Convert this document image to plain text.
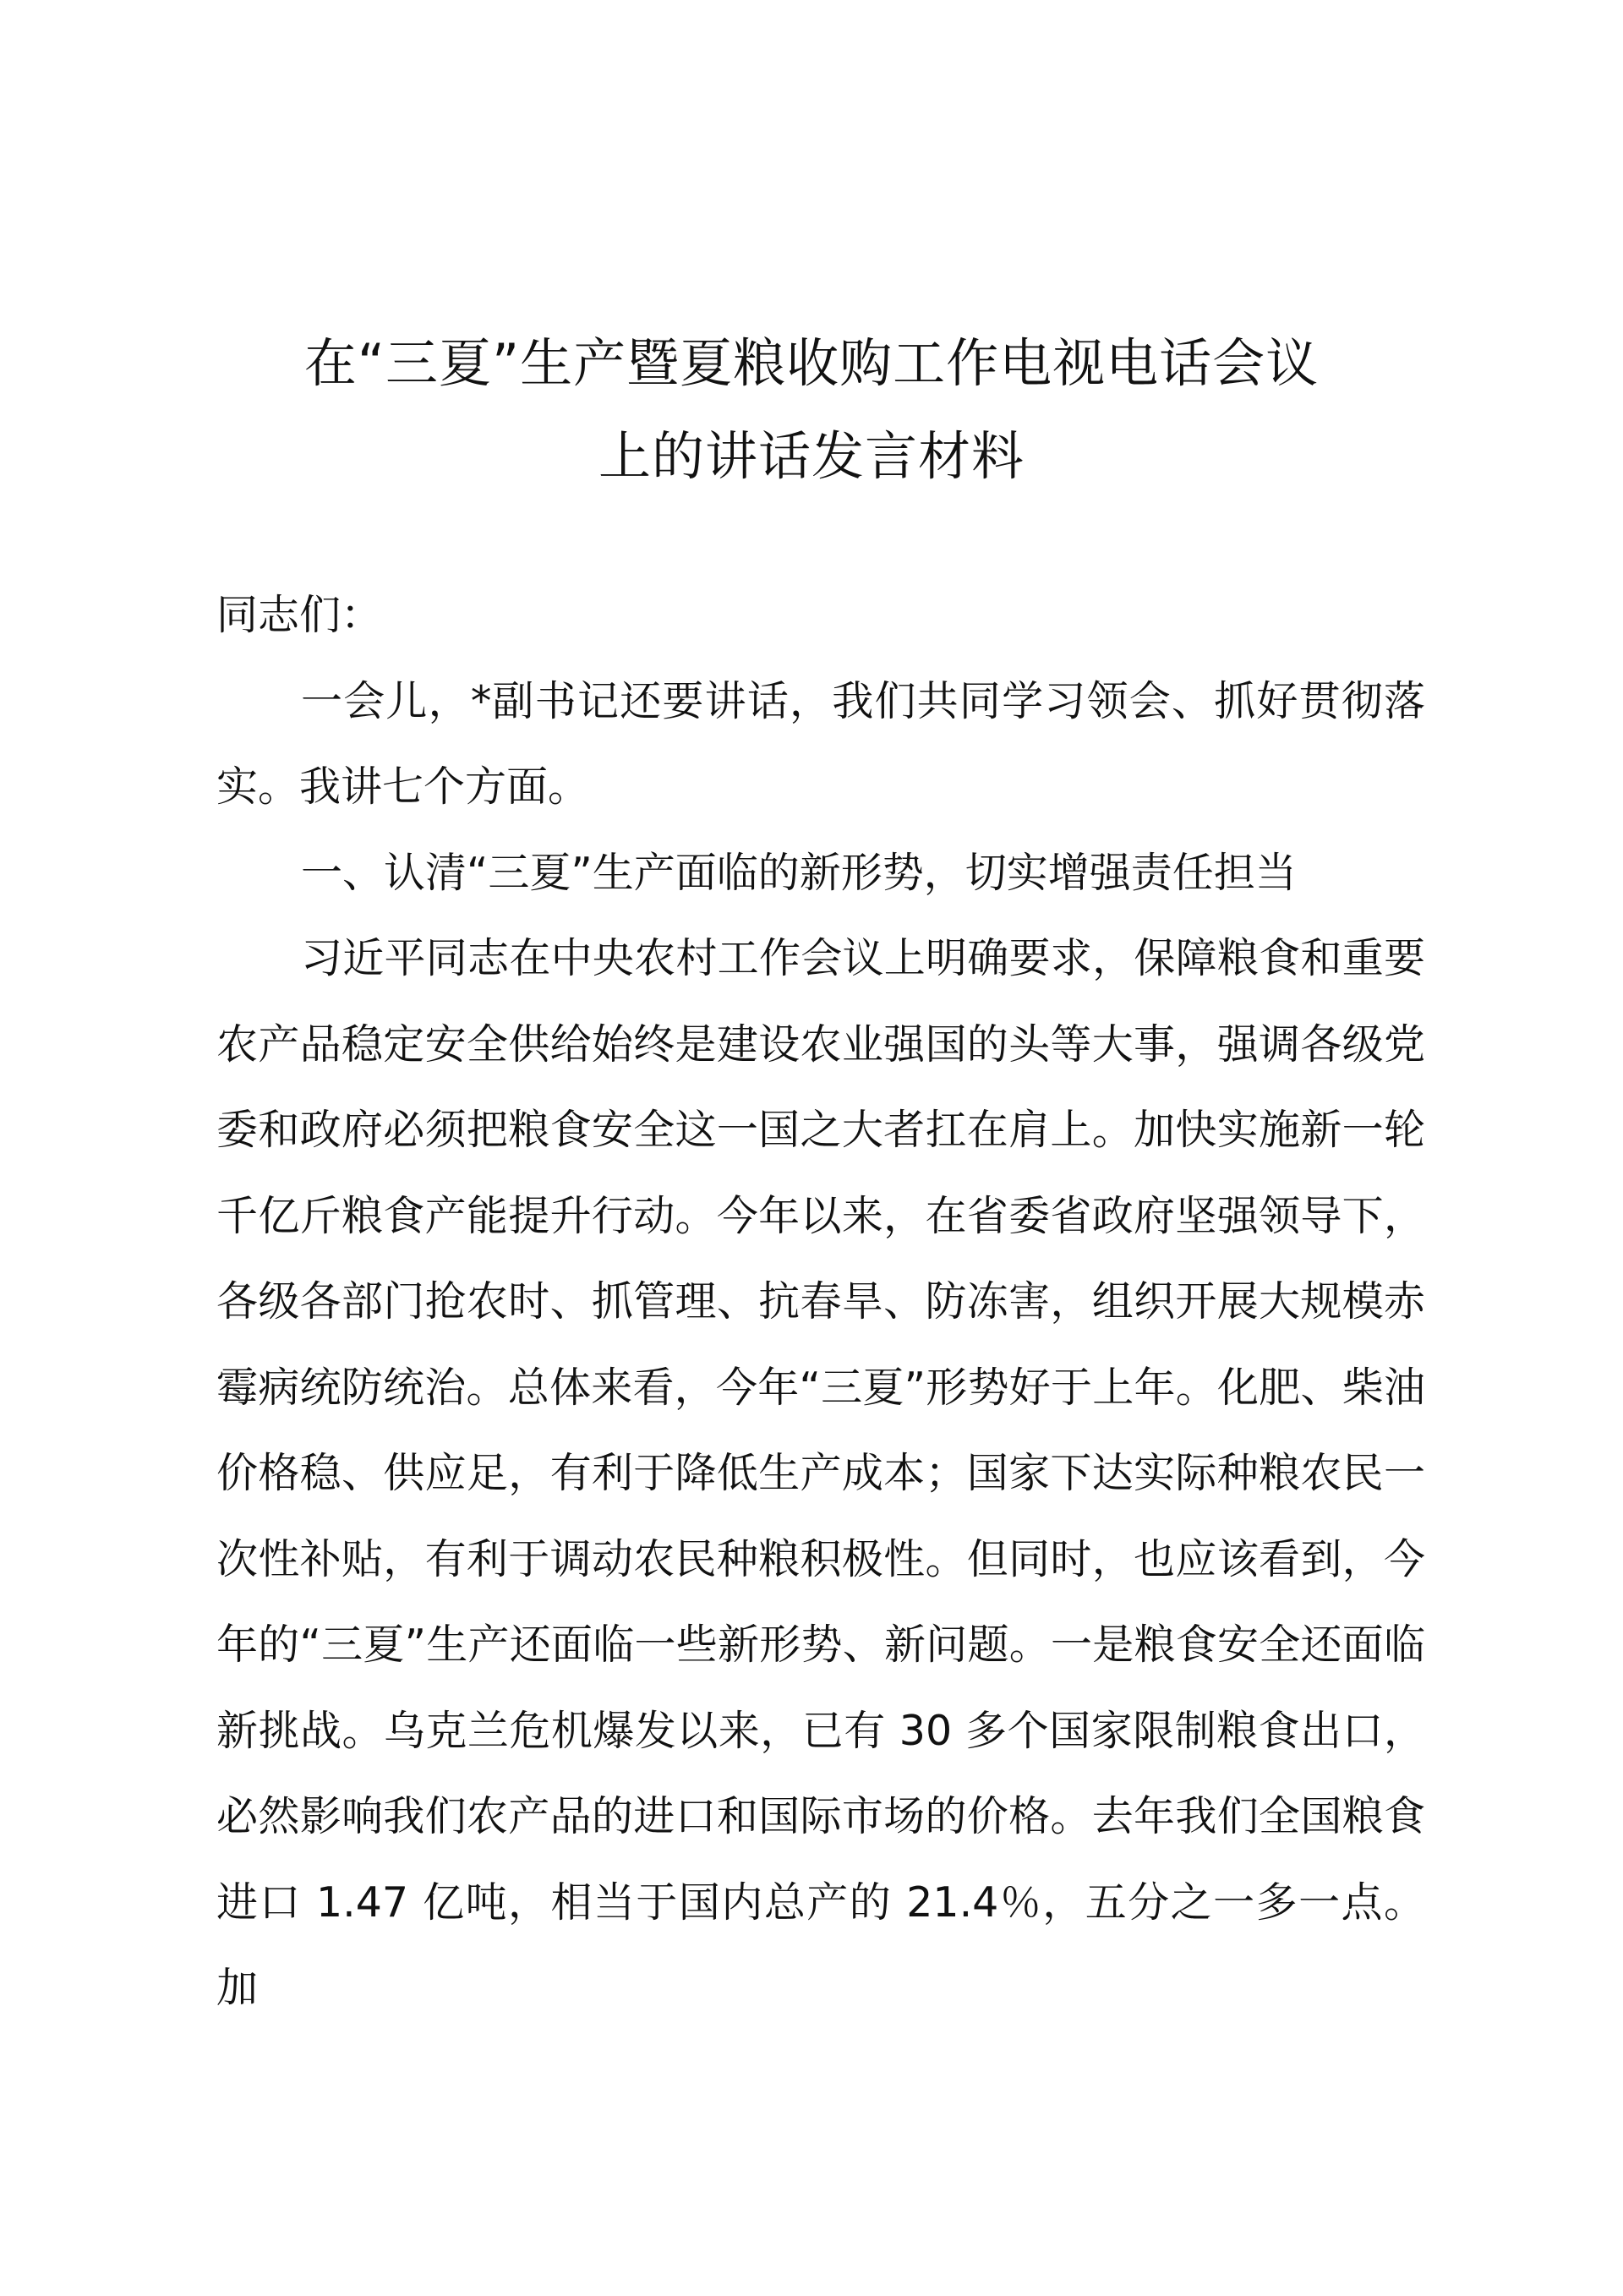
在“三夏”生产暨夏粮收购工作电视电话会议
上的讲话发言材料

同志们：

一会儿，*副书记还要讲话，我们共同学习领会、抓好贯彻落实。我讲七个方面。

一、认清“三夏”生产面临的新形势，切实增强责任担当

习近平同志在中央农村工作会议上明确要求，保障粮食和重要农产品稳定安全供给始终是建设农业强国的头等大事，强调各级党委和政府必须把粮食安全这一国之大者扛在肩上。加快实施新一轮千亿斤粮食产能提升行动。今年以来，在省委省政府坚强领导下，各级各部门抢农时、抓管理、抗春旱、防冻害，组织开展大规模赤霉病统防统治。总体来看，今年“三夏”形势好于上年。化肥、柴油价格稳、供应足，有利于降低生产成本；国家下达实际种粮农民一次性补贴，有利于调动农民种粮积极性。但同时，也应该看到，今年的“三夏”生产还面临一些新形势、新问题。一是粮食安全还面临新挑战。乌克兰危机爆发以来，已有 30 多个国家限制粮食出口，必然影响我们农产品的进口和国际市场的价格。去年我们全国粮食进口 1.47 亿吨，相当于国内总产的 21.4％，五分之一多一点。加
